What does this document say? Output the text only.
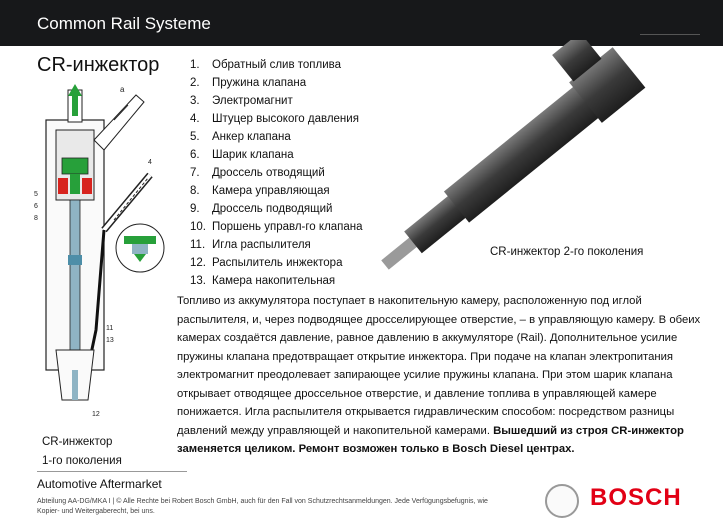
Common Rail Systeme
CR-инжектор
a
4
5
6
8
11
13
12
1. Обратный слив топлива
2. Пружина клапана
3. Электромагнит
4. Штуцер высокого давления
5. Анкер клапана
6. Шарик клапана
7. Дроссель отводящий
8. Камера управляющая
9. Дроссель подводящий
10. Поршень управл-го клапана
11. Игла распылителя
12. Распылитель инжектора
13. Камера накопительная
CR-инжектор 2-го поколения
Топливо из аккумулятора поступает в накопительную камеру, расположенную под иглой распылителя, и, через подводящее дросселирующее отверстие, – в управляющую камеру. В обеих камерах создаётся давление, равное давлению в аккумуляторе (Rail). Дополнительное усилие пружины клапана предотвращает открытие инжектора. При подаче на клапан электропитания электромагнит преодолевает запирающее усилие пружины клапана. При этом шарик клапана открывает отводящее дроссельное отверстие, и давление топлива в управляющей камере понижается. Игла распылителя открывается гидравлическим способом: посредством разницы давлений между управляющей и накопительной камерами. Вышедший из строя CR-инжектор заменяется целиком. Ремонт возможен только в Bosch Diesel центрах.
CR-инжектор
1-го поколения
Automotive Aftermarket
Abteilung AA-DG/MKA I | © Alle Rechte bei Robert Bosch GmbH, auch für den Fall von Schutzrechtsanmeldungen. Jede Verfügungsbefugnis, wie Kopier- und Weitergaberecht, bei uns.	BOSCH
